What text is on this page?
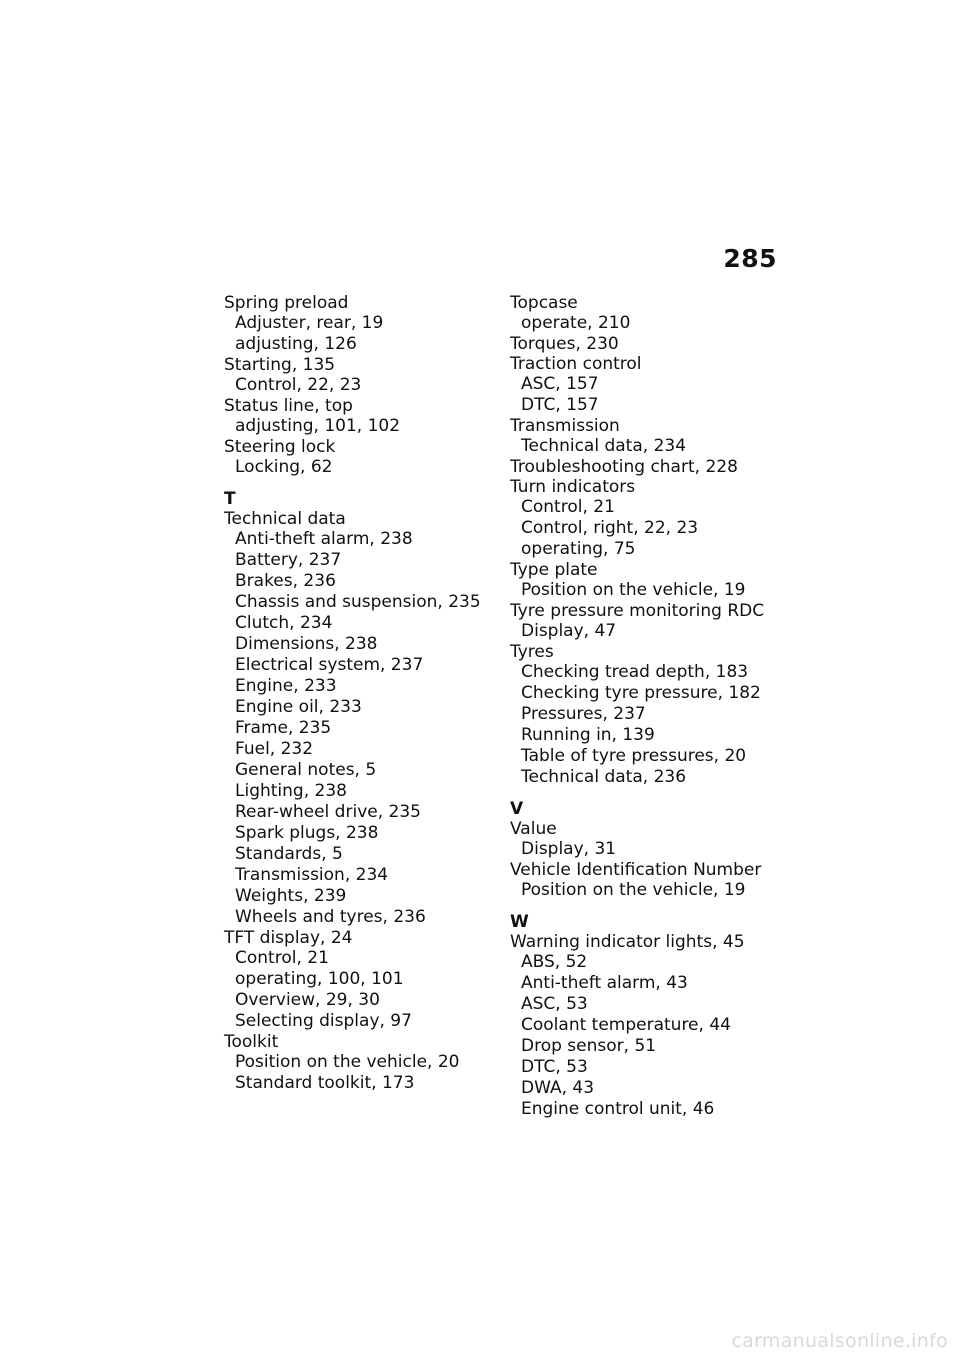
285
Spring preload
Adjuster, rear, 19
adjusting, 126
Starting, 135
Control, 22, 23
Status line, top
adjusting, 101, 102
Steering lock
Locking, 62
T
Technical data
Anti-theft alarm, 238
Battery, 237
Brakes, 236
Chassis and suspension, 235
Clutch, 234
Dimensions, 238
Electrical system, 237
Engine, 233
Engine oil, 233
Frame, 235
Fuel, 232
General notes, 5
Lighting, 238
Rear-wheel drive, 235
Spark plugs, 238
Standards, 5
Transmission, 234
Weights, 239
Wheels and tyres, 236
TFT display, 24
Control, 21
operating, 100, 101
Overview, 29, 30
Selecting display, 97
Toolkit
Position on the vehicle, 20
Standard toolkit, 173
Topcase
operate, 210
Torques, 230
Traction control
ASC, 157
DTC, 157
Transmission
Technical data, 234
Troubleshooting chart, 228
Turn indicators
Control, 21
Control, right, 22, 23
operating, 75
Type plate
Position on the vehicle, 19
Tyre pressure monitoring RDC
Display, 47
Tyres
Checking tread depth, 183
Checking tyre pressure, 182
Pressures, 237
Running in, 139
Table of tyre pressures, 20
Technical data, 236
V
Value
Display, 31
Vehicle Identification Number
Position on the vehicle, 19
W
Warning indicator lights, 45
ABS, 52
Anti-theft alarm, 43
ASC, 53
Coolant temperature, 44
Drop sensor, 51
DTC, 53
DWA, 43
Engine control unit, 46
carmanualsonline.info
